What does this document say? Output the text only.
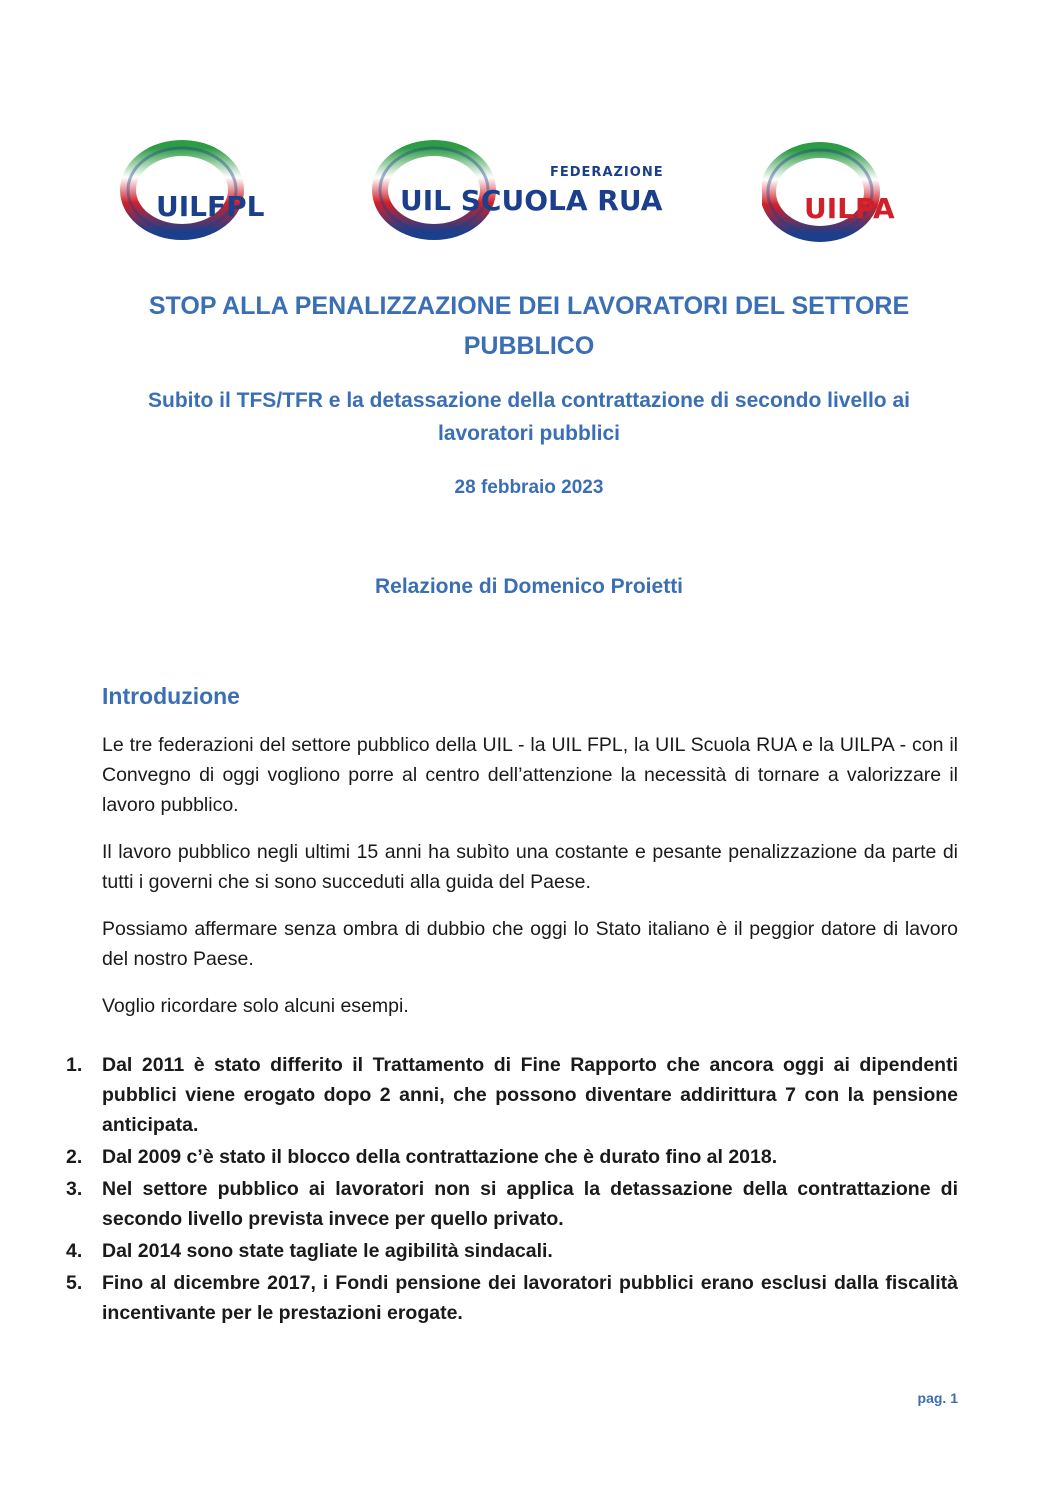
UILFPL
FEDERAZIONE
UIL SCUOLA RUA	UILPA
STOP ALLA PENALIZZAZIONE DEI LAVORATORI DEL SETTORE PUBBLICO
Subito il TFS/TFR e la detassazione della contrattazione di secondo livello ai lavoratori pubblici
28 febbraio 2023
Relazione di Domenico Proietti
Introduzione

Le tre federazioni del settore pubblico della UIL - la UIL FPL, la UIL Scuola RUA e la UILPA - con il Convegno di oggi vogliono porre al centro dell’attenzione la necessità di tornare a valorizzare il lavoro pubblico.

Il lavoro pubblico negli ultimi 15 anni ha subìto una costante e pesante penalizzazione da parte di tutti i governi che si sono succeduti alla guida del Paese.

Possiamo affermare senza ombra di dubbio che oggi lo Stato italiano è il peggior datore di lavoro del nostro Paese.

Voglio ricordare solo alcuni esempi.

1.	Dal 2011 è stato differito il Trattamento di Fine Rapporto che ancora oggi ai dipendenti pubblici viene erogato dopo 2 anni, che possono diventare addirittura 7 con la pensione anticipata.
2.	Dal 2009 c’è stato il blocco della contrattazione che è durato fino al 2018.
3.	Nel settore pubblico ai lavoratori non si applica la detassazione della contrattazione di secondo livello prevista invece per quello privato.
4.	Dal 2014 sono state tagliate le agibilità sindacali.
5.	Fino al dicembre 2017, i Fondi pensione dei lavoratori pubblici erano esclusi dalla fiscalità incentivante per le prestazioni erogate.
pag. 1
